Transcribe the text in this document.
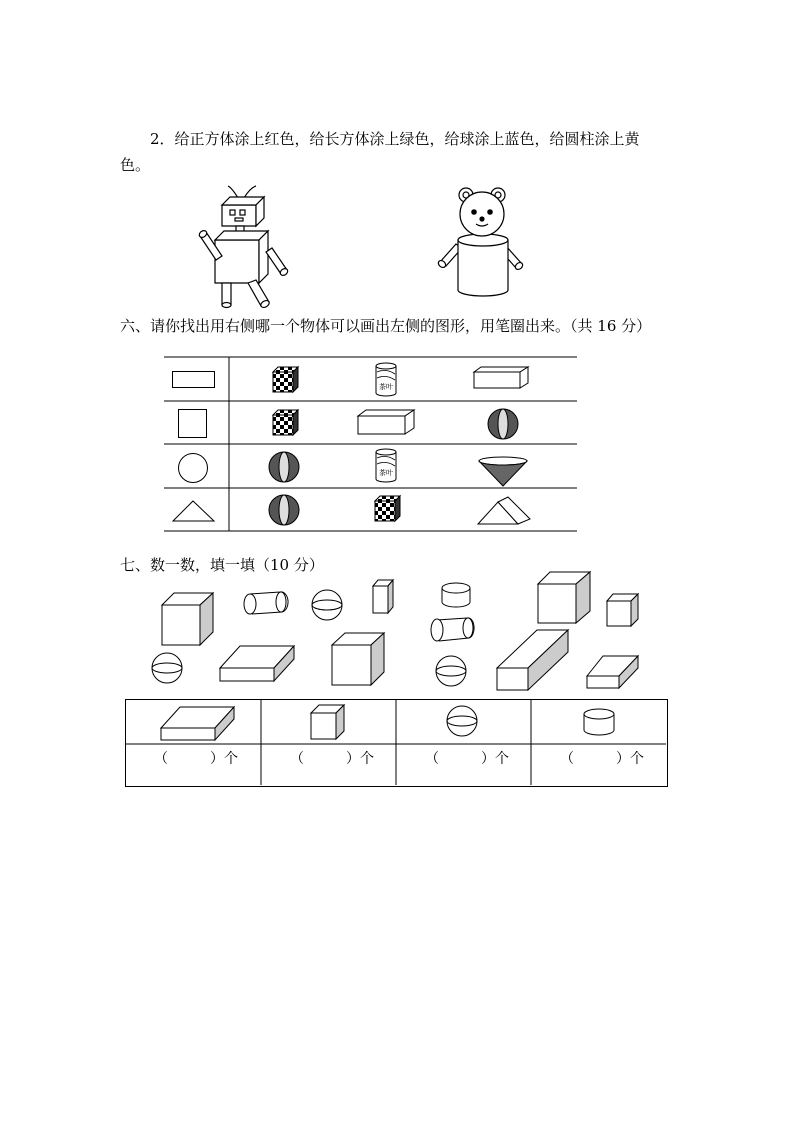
2．给正方体涂上红色，给长方体涂上绿色，给球涂上蓝色，给圆柱涂上黄
色。
六、请你找出用右侧哪一个物体可以画出左侧的图形，用笔圈出来。（共 16 分）
茶叶
茶叶
七、数一数，填一填（10 分）
（　　　）个	（　　　）个	（　　　）个	（　　　）个
